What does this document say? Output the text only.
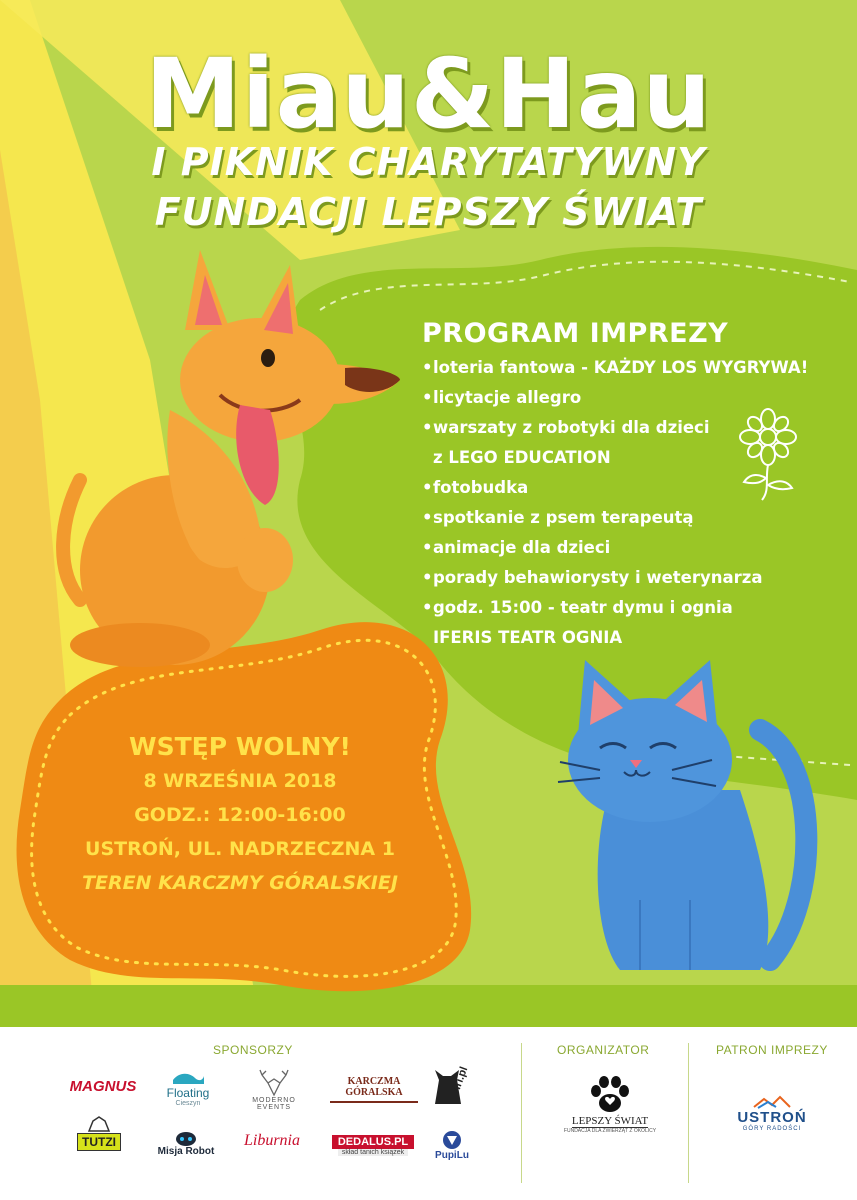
Miau&Hau
I PIKNIK CHARYTATYWNY
FUNDACJI LEPSZY ŚWIAT
PROGRAM IMPREZY
•loteria fantowa - KAŻDY LOS WYGRYWA!
•licytacje allegro
•warszaty z robotyki dla dzieci
z LEGO EDUCATION
•fotobudka
•spotkanie z psem terapeutą
•animacje dla dzieci
•porady behawiorysty i weterynarza
•godz. 15:00 - teatr dymu i ognia
IFERIS TEATR OGNIA
WSTĘP WOLNY!
8 WRZEŚNIA 2018
GODZ.: 12:00-16:00
USTROŃ, UL. NADRZECZNA 1
TEREN KARCZMY GÓRALSKIEJ
SPONSORZY	ORGANIZATOR	PATRON IMPREZY
MAGNUS	Floating
Cieszyn	MODERNO EVENTS
KARCZMA GÓRALSKA	viri.pl
TUTZI
Misja Robot
Liburnia	DEDALUS.PL
skład tanich książek	PupiLu
LEPSZY ŚWIAT
FUNDACJA DLA ZWIERZĄT Z OKOLICY
USTROŃ
GÓRY RADOŚCI
